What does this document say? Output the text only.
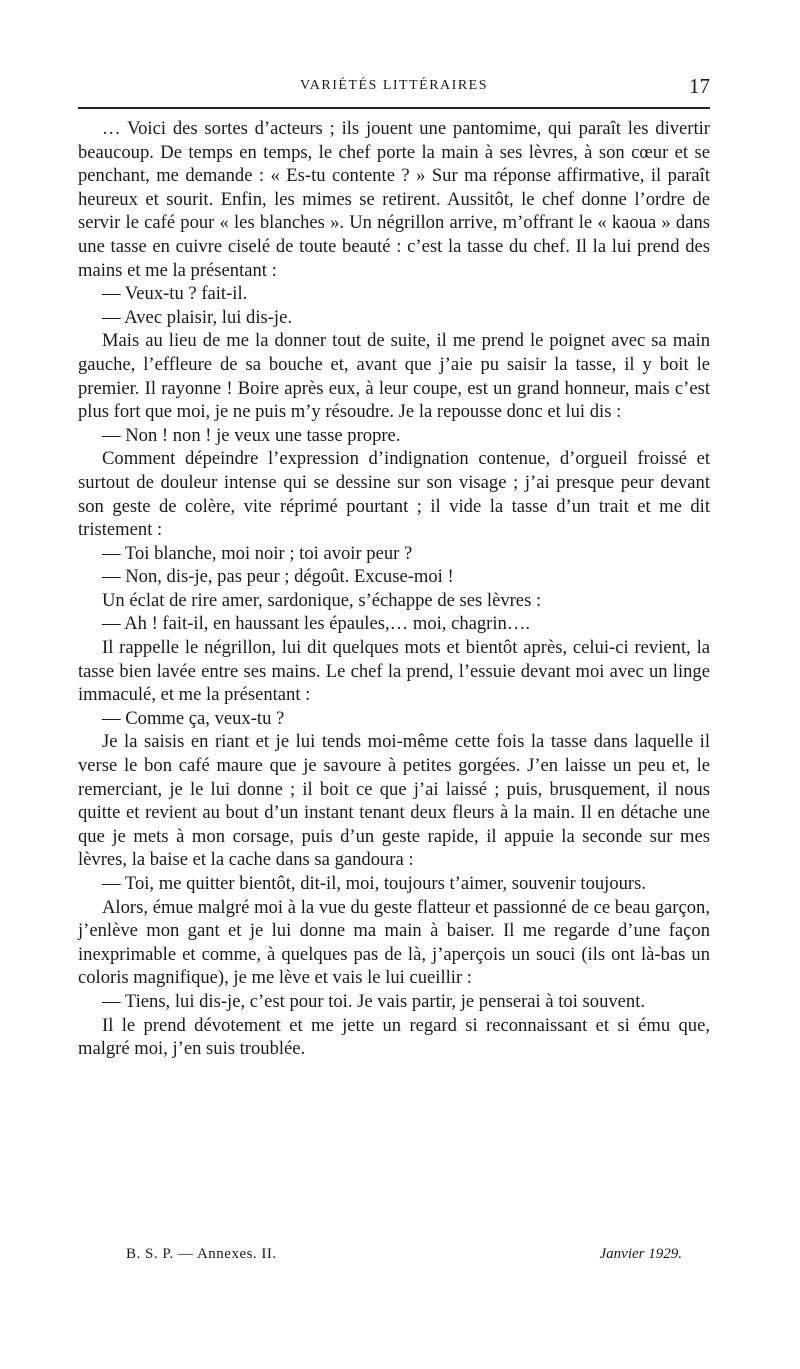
VARIÉTÉS LITTÉRAIRES	17

… Voici des sortes d’acteurs ; ils jouent une pantomime, qui paraît les divertir beaucoup. De temps en temps, le chef porte la main à ses lèvres, à son cœur et se penchant, me demande : « Es-tu contente ? » Sur ma réponse affirmative, il paraît heureux et sourit. Enfin, les mimes se retirent. Aussitôt, le chef donne l’ordre de servir le café pour « les blanches ». Un négrillon arrive, m’offrant le « kaoua » dans une tasse en cuivre ciselé de toute beauté : c’est la tasse du chef. Il la lui prend des mains et me la présentant :

— Veux-tu ? fait-il.

— Avec plaisir, lui dis-je.

Mais au lieu de me la donner tout de suite, il me prend le poignet avec sa main gauche, l’effleure de sa bouche et, avant que j’aie pu saisir la tasse, il y boit le premier. Il rayonne ! Boire après eux, à leur coupe, est un grand honneur, mais c’est plus fort que moi, je ne puis m’y résoudre. Je la repousse donc et lui dis :

— Non ! non ! je veux une tasse propre.

Comment dépeindre l’expression d’indignation contenue, d’orgueil froissé et surtout de douleur intense qui se dessine sur son visage ; j’ai presque peur devant son geste de colère, vite réprimé pourtant ; il vide la tasse d’un trait et me dit tristement :

— Toi blanche, moi noir ; toi avoir peur ?

— Non, dis-je, pas peur ; dégoût. Excuse-moi !

Un éclat de rire amer, sardonique, s’échappe de ses lèvres :

— Ah ! fait-il, en haussant les épaules,… moi, chagrin….

Il rappelle le négrillon, lui dit quelques mots et bientôt après, celui-ci revient, la tasse bien lavée entre ses mains. Le chef la prend, l’essuie devant moi avec un linge immaculé, et me la présentant :

— Comme ça, veux-tu ?

Je la saisis en riant et je lui tends moi-même cette fois la tasse dans laquelle il verse le bon café maure que je savoure à petites gorgées. J’en laisse un peu et, le remerciant, je le lui donne ; il boit ce que j’ai laissé ; puis, brusquement, il nous quitte et revient au bout d’un instant tenant deux fleurs à la main. Il en détache une que je mets à mon corsage, puis d’un geste rapide, il appuie la seconde sur mes lèvres, la baise et la cache dans sa gandoura :

— Toi, me quitter bientôt, dit-il, moi, toujours t’aimer, souvenir toujours.

Alors, émue malgré moi à la vue du geste flatteur et passionné de ce beau garçon, j’enlève mon gant et je lui donne ma main à baiser. Il me regarde d’une façon inexprimable et comme, à quelques pas de là, j’aperçois un souci (ils ont là-bas un coloris magnifique), je me lève et vais le lui cueillir :

— Tiens, lui dis-je, c’est pour toi. Je vais partir, je penserai à toi souvent.

Il le prend dévotement et me jette un regard si reconnaissant et si ému que, malgré moi, j’en suis troublée.

B. S. P. — Annexes. II.	Janvier 1929.
